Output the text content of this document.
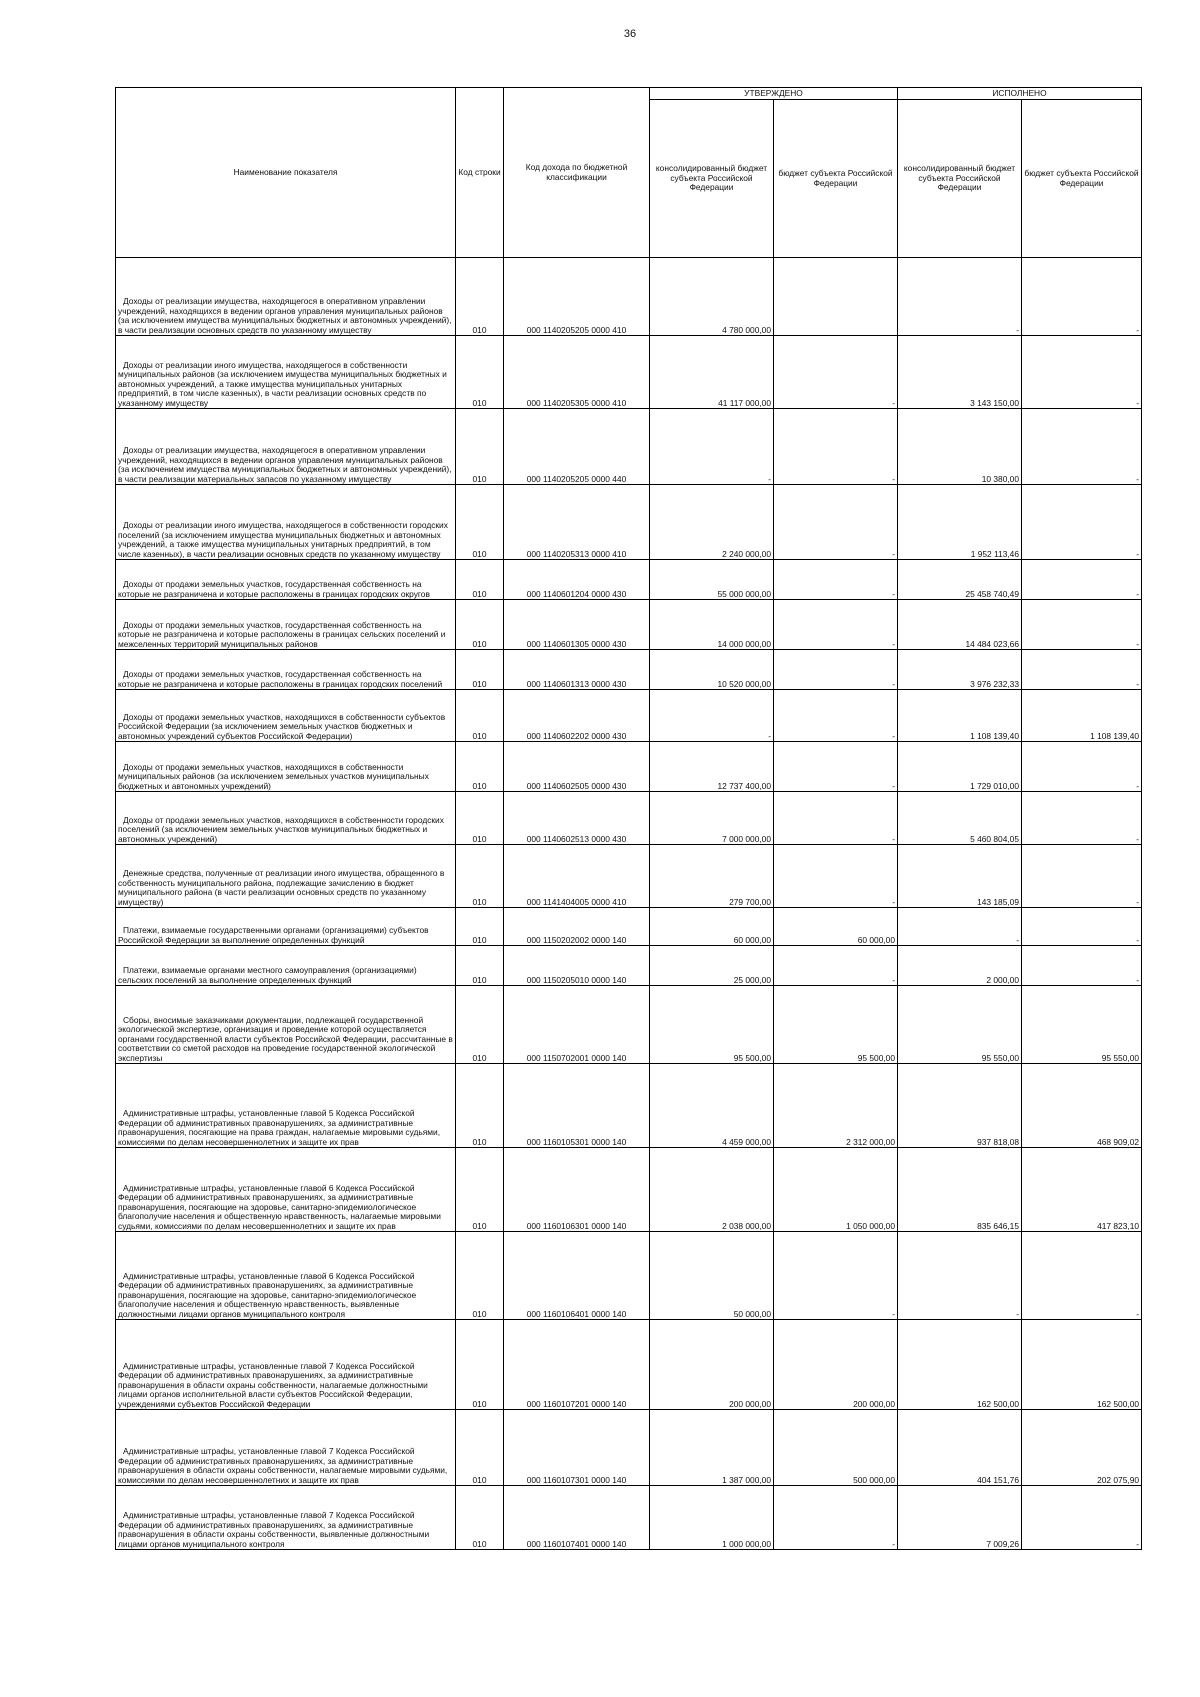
36
Наименование показателя	Код строки	Код дохода по бюджетной классификации	УТВЕРЖДЕНО		ИСПОЛНЕНО	
			консолидированный бюджет субъекта Российской Федерации	бюджет субъекта Российской Федерации	консолидированный бюджет субъекта Российской Федерации	бюджет субъекта Российской Федерации

Доходы от реализации имущества, находящегося в оперативном управлении учреждений, находящихся в ведении органов управления муниципальных районов (за исключением имущества муниципальных бюджетных и автономных учреждений), в части реализации основных средств по указанному имуществу	010	000 1140205205 0000 410	4 780 000,00		-	-

Доходы от реализации иного имущества, находящегося в собственности муниципальных районов (за исключением имущества муниципальных бюджетных и автономных учреждений, а также имущества муниципальных унитарных предприятий, в том числе казенных), в части реализации основных средств по указанному имуществу	010	000 1140205305 0000 410	41 117 000,00	-	3 143 150,00	-

Доходы от реализации имущества, находящегося в оперативном управлении учреждений, находящихся в ведении органов управления муниципальных районов (за исключением имущества муниципальных бюджетных и автономных учреждений), в части реализации материальных запасов по указанному имуществу	010	000 1140205205 0000 440	-	-	10 380,00	-

Доходы от реализации иного имущества, находящегося в собственности городских поселений (за исключением имущества муниципальных бюджетных и автономных учреждений, а также имущества муниципальных унитарных предприятий, в том числе казенных), в части реализации основных средств по указанному имуществу	010	000 1140205313 0000 410	2 240 000,00	-	1 952 113,46	-

Доходы от продажи земельных участков, государственная собственность на которые не разграничена и которые расположены в границах городских округов	010	000 1140601204 0000 430	55 000 000,00	-	25 458 740,49	-

Доходы от продажи земельных участков, государственная собственность на которые не разграничена и которые расположены в границах сельских поселений и межселенных территорий муниципальных районов	010	000 1140601305 0000 430	14 000 000,00	-	14 484 023,66	-

Доходы от продажи земельных участков, государственная собственность на которые не разграничена и которые расположены в границах городских поселений	010	000 1140601313 0000 430	10 520 000,00	-	3 976 232,33	-

Доходы от продажи земельных участков, находящихся в собственности субъектов Российской Федерации (за исключением земельных участков бюджетных и автономных учреждений субъектов Российской Федерации)	010	000 1140602202 0000 430	-	-	1 108 139,40	1 108 139,40

Доходы от продажи земельных участков, находящихся в собственности муниципальных районов (за исключением земельных участков муниципальных бюджетных и автономных учреждений)	010	000 1140602505 0000 430	12 737 400,00	-	1 729 010,00	-

Доходы от продажи земельных участков, находящихся в собственности городских поселений (за исключением земельных участков муниципальных бюджетных и автономных учреждений)	010	000 1140602513 0000 430	7 000 000,00	-	5 460 804,05	-

Денежные средства, полученные от реализации иного имущества, обращенного в собственность муниципального района, подлежащие зачислению в бюджет муниципального района (в части реализации основных средств по указанному имуществу)	010	000 1141404005 0000 410	279 700,00	-	143 185,09	-

Платежи, взимаемые государственными органами (организациями) субъектов Российской Федерации за выполнение определенных функций	010	000 1150202002 0000 140	60 000,00	60 000,00	-	-

Платежи, взимаемые органами местного самоуправления (организациями) сельских поселений за выполнение определенных функций	010	000 1150205010 0000 140	25 000,00	-	2 000,00	-

Сборы, вносимые заказчиками документации, подлежащей государственной экологической экспертизе, организация и проведение которой осуществляется органами государственной власти субъектов Российской Федерации, рассчитанные в соответствии со сметой расходов на проведение государственной экологической экспертизы	010	000 1150702001 0000 140	95 500,00	95 500,00	95 550,00	95 550,00

Административные штрафы, установленные главой 5 Кодекса Российской Федерации об административных правонарушениях, за административные правонарушения, посягающие на права граждан, налагаемые мировыми судьями, комиссиями по делам несовершеннолетних и защите их прав	010	000 1160105301 0000 140	4 459 000,00	2 312 000,00	937 818,08	468 909,02

Административные штрафы, установленные главой 6 Кодекса Российской Федерации об административных правонарушениях, за административные правонарушения, посягающие на здоровье, санитарно-эпидемиологическое благополучие населения и общественную нравственность, налагаемые мировыми судьями, комиссиями по делам несовершеннолетних и защите их прав	010	000 1160106301 0000 140	2 038 000,00	1 050 000,00	835 646,15	417 823,10

Административные штрафы, установленные главой 6 Кодекса Российской Федерации об административных правонарушениях, за административные правонарушения, посягающие на здоровье, санитарно-эпидемиологическое благополучие населения и общественную нравственность, выявленные должностными лицами органов муниципального контроля	010	000 1160106401 0000 140	50 000,00	-	-	-

Административные штрафы, установленные главой 7 Кодекса Российской Федерации об административных правонарушениях, за административные правонарушения в области охраны собственности, налагаемые должностными лицами органов исполнительной власти субъектов Российской Федерации, учреждениями субъектов Российской Федерации	010	000 1160107201 0000 140	200 000,00	200 000,00	162 500,00	162 500,00

Административные штрафы, установленные главой 7 Кодекса Российской Федерации об административных правонарушениях, за административные правонарушения в области охраны собственности, налагаемые мировыми судьями, комиссиями по делам несовершеннолетних и защите их прав	010	000 1160107301 0000 140	1 387 000,00	500 000,00	404 151,76	202 075,90

Административные штрафы, установленные главой 7 Кодекса Российской Федерации об административных правонарушениях, за административные правонарушения в области охраны собственности, выявленные должностными лицами органов муниципального контроля	010	000 1160107401 0000 140	1 000 000,00	-	7 009,26	-
